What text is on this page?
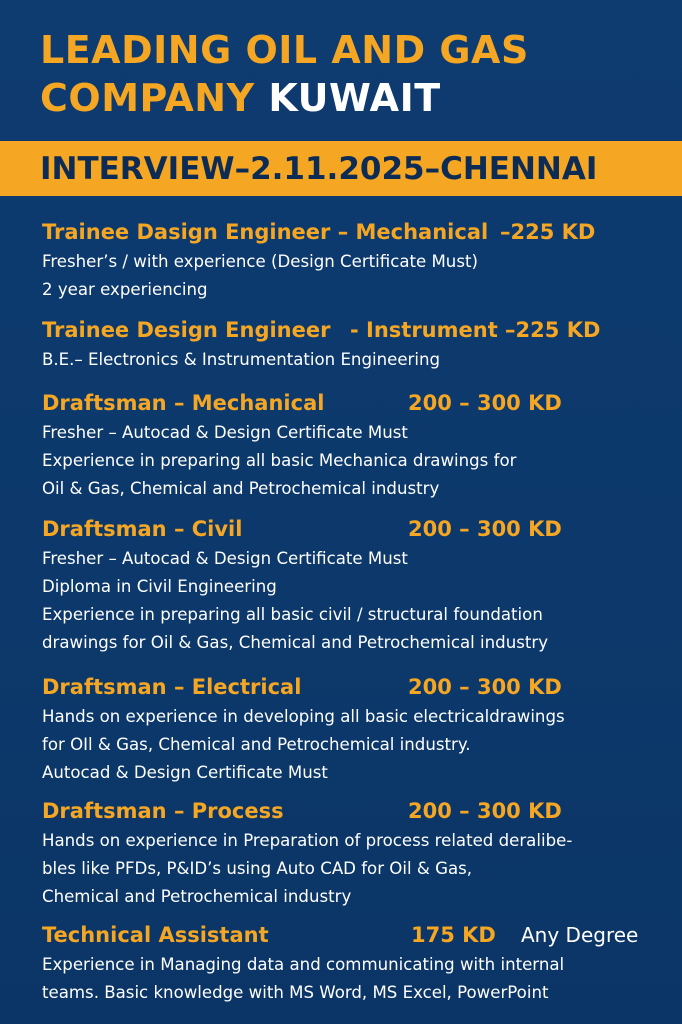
LEADING OIL AND GAS
COMPANY KUWAIT
INTERVIEW–2.11.2025–CHENNAI
Trainee Dasign Engineer – Mechanical –225 KD
Fresher’s / with experience (Design Certificate Must)
2 year experiencing
Trainee Design Engineer - Instrument –225 KD
B.E.– Electronics & Instrumentation Engineering
Draftsman – Mechanical	200 – 300 KD
Fresher – Autocad & Design Certificate Must
Experience in preparing all basic Mechanica drawings for
Oil & Gas, Chemical and Petrochemical industry
Draftsman – Civil	200 – 300 KD
Fresher – Autocad & Design Certificate Must
Diploma in Civil Engineering
Experience in preparing all basic civil / structural foundation
drawings for Oil & Gas, Chemical and Petrochemical industry
Draftsman – Electrical	200 – 300 KD
Hands on experience in developing all basic electricaldrawings
for OIl & Gas, Chemical and Petrochemical industry.
Autocad & Design Certificate Must
Draftsman – Process	200 – 300 KD
Hands on experience in Preparation of process related deralibe-
bles like PFDs, P&ID’s using Auto CAD for Oil & Gas,
Chemical and Petrochemical industry
Technical Assistant	175 KD Any Degree
Experience in Managing data and communicating with internal
teams. Basic knowledge with MS Word, MS Excel, PowerPoint
